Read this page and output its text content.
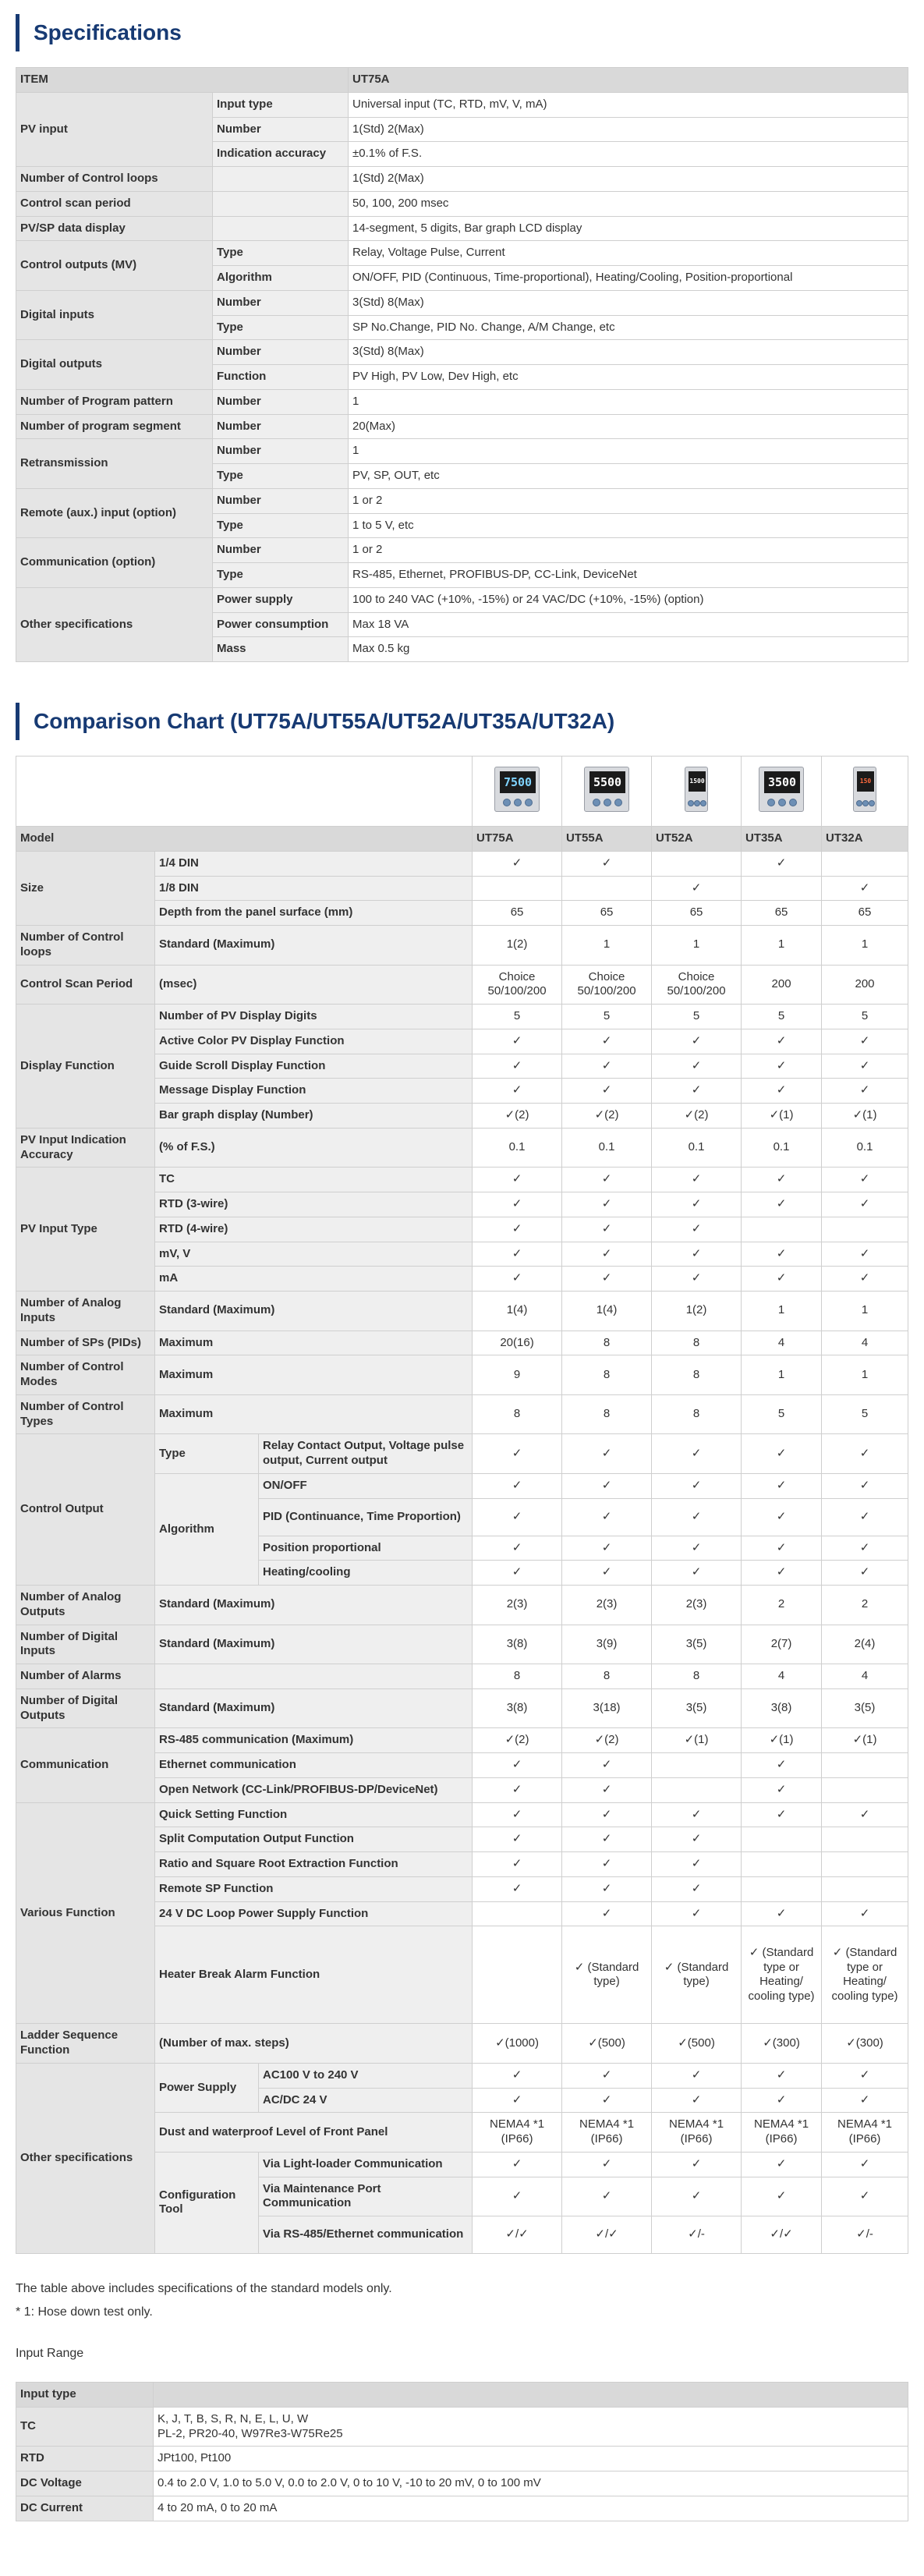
Specifications
ITEM		UT75A
PV input	Input type	Universal input (TC, RTD, mV, V, mA)
	Number	1(Std) 2(Max)
	Indication accuracy	±0.1% of F.S.
Number of Control loops		1(Std) 2(Max)
Control scan period		50, 100, 200 msec
PV/SP data display		14-segment, 5 digits, Bar graph LCD display
Control outputs (MV)	Type	Relay, Voltage Pulse, Current
	Algorithm	ON/OFF, PID (Continuous, Time-proportional), Heating/Cooling, Position-proportional
Digital inputs	Number	3(Std) 8(Max)
	Type	SP No.Change, PID No. Change, A/M Change, etc
Digital outputs	Number	3(Std) 8(Max)
	Function	PV High, PV Low, Dev High, etc
Number of Program pattern	Number	1
Number of program segment	Number	20(Max)
Retransmission	Number	1
	Type	PV, SP, OUT, etc
Remote (aux.) input (option)	Number	1 or 2
	Type	1 to 5 V, etc
Communication (option)	Number	1 or 2
	Type	RS-485, Ethernet, PROFIBUS-DP, CC-Link, DeviceNet
Other specifications	Power supply	100 to 240 VAC (+10%, -15%) or 24 VAC/DC (+10%, -15%) (option)
	Power consumption	Max 18 VA
	Mass	Max 0.5 kg
Comparison Chart (UT75A/UT55A/UT52A/UT35A/UT32A)

			7500	5500	1500	3500	150

Model			UT75A	UT55A	UT52A	UT35A	UT32A
Size	1/4 DIN		✓	✓		✓	
	1/8 DIN				✓		✓
	Depth from the panel surface (mm)		65	65	65	65	65
Number of Control loops	Standard (Maximum)		1(2)	1	1	1	1
Control Scan Period	(msec)		Choice 50/100/200	Choice 50/100/200	Choice 50/100/200	200	200
Display Function	Number of PV Display Digits		5	5	5	5	5
	Active Color PV Display Function		✓	✓	✓	✓	✓
	Guide Scroll Display Function		✓	✓	✓	✓	✓
	Message Display Function		✓	✓	✓	✓	✓
	Bar graph display (Number)		✓(2)	✓(2)	✓(2)	✓(1)	✓(1)
PV Input Indication Accuracy	(% of F.S.)		0.1	0.1	0.1	0.1	0.1
PV Input Type	TC		✓	✓	✓	✓	✓
	RTD (3-wire)		✓	✓	✓	✓	✓
	RTD (4-wire)		✓	✓	✓		
	mV, V		✓	✓	✓	✓	✓
	mA		✓	✓	✓	✓	✓
Number of Analog Inputs	Standard (Maximum)		1(4)	1(4)	1(2)	1	1
Number of SPs (PIDs)	Maximum		20(16)	8	8	4	4
Number of Control Modes	Maximum		9	8	8	1	1
Number of Control Types	Maximum		8	8	8	5	5
Control Output	Type	Relay Contact Output, Voltage pulse output, Current output	✓	✓	✓	✓	✓
	Algorithm	ON/OFF	✓	✓	✓	✓	✓
		PID (Continuance, Time Proportion)	✓	✓	✓	✓	✓
		Position proportional	✓	✓	✓	✓	✓
		Heating/cooling	✓	✓	✓	✓	✓
Number of Analog Outputs	Standard (Maximum)		2(3)	2(3)	2(3)	2	2
Number of Digital Inputs	Standard (Maximum)		3(8)	3(9)	3(5)	2(7)	2(4)
Number of Alarms			8	8	8	4	4
Number of Digital Outputs	Standard (Maximum)		3(8)	3(18)	3(5)	3(8)	3(5)
Communication	RS-485 communication (Maximum)		✓(2)	✓(2)	✓(1)	✓(1)	✓(1)
	Ethernet communication		✓	✓		✓	
	Open Network (CC-Link/PROFIBUS-DP/DeviceNet)		✓	✓		✓	
Various Function	Quick Setting Function		✓	✓	✓	✓	✓
	Split Computation Output Function		✓	✓	✓		
	Ratio and Square Root Extraction Function		✓	✓	✓		
	Remote SP Function		✓	✓	✓		
	24 V DC Loop Power Supply Function			✓	✓	✓	✓
	Heater Break Alarm Function			✓ (Standard type)	✓ (Standard type)	✓ (Standard type or Heating/ cooling type)	✓ (Standard type or Heating/ cooling type)
Ladder Sequence Function	(Number of max. steps)		✓(1000)	✓(500)	✓(500)	✓(300)	✓(300)
Other specifications	Power Supply	AC100 V to 240 V	✓	✓	✓	✓	✓
		AC/DC 24 V	✓	✓	✓	✓	✓
	Dust and waterproof Level of Front Panel		NEMA4 *1 (IP66)	NEMA4 *1 (IP66)	NEMA4 *1 (IP66)	NEMA4 *1 (IP66)	NEMA4 *1 (IP66)
	Configuration Tool	Via Light-loader Communication	✓	✓	✓	✓	✓
		Via Maintenance Port Communication	✓	✓	✓	✓	✓
		Via RS-485/Ethernet communication	✓/✓	✓/✓	✓/-	✓/✓	✓/-
The table above includes specifications of the standard models only.
* 1: Hose down test only.
Input Range
Input type	
TC	K, J, T, B, S, R, N, E, L, U, W
PL-2, PR20-40, W97Re3-W75Re25

RTD	JPt100, Pt100
DC Voltage	0.4 to 2.0 V, 1.0 to 5.0 V, 0.0 to 2.0 V, 0 to 10 V, -10 to 20 mV, 0 to 100 mV
DC Current	4 to 20 mA, 0 to 20 mA
